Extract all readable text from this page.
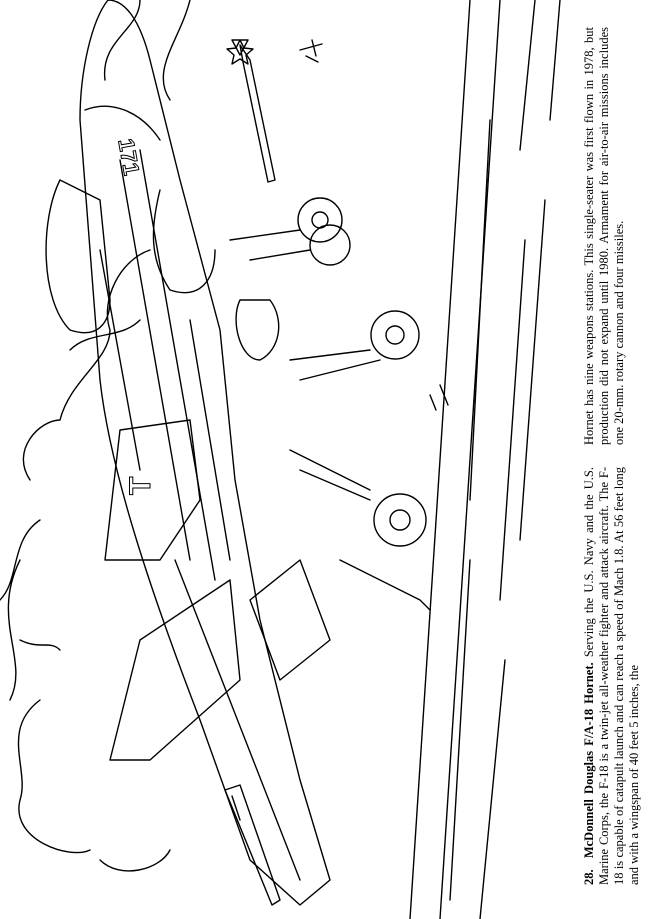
171
T
28. McDonnell Douglas F/A-18 Hornet. Serving the U.S. Navy and the U.S. Marine Corps, the F-18 is a twin-jet all-weather fighter and attack aircraft. The F-18 is capable of catapult launch and can reach a speed of Mach 1.8. At 56 feet long and with a wingspan of 40 feet 5 inches, the
Hornet has nine weapons stations. This single-seater was first flown in 1978, but production did not expand until 1980. Armament for air-to-air missions includes one 20-mm. rotary cannon and four missiles.
